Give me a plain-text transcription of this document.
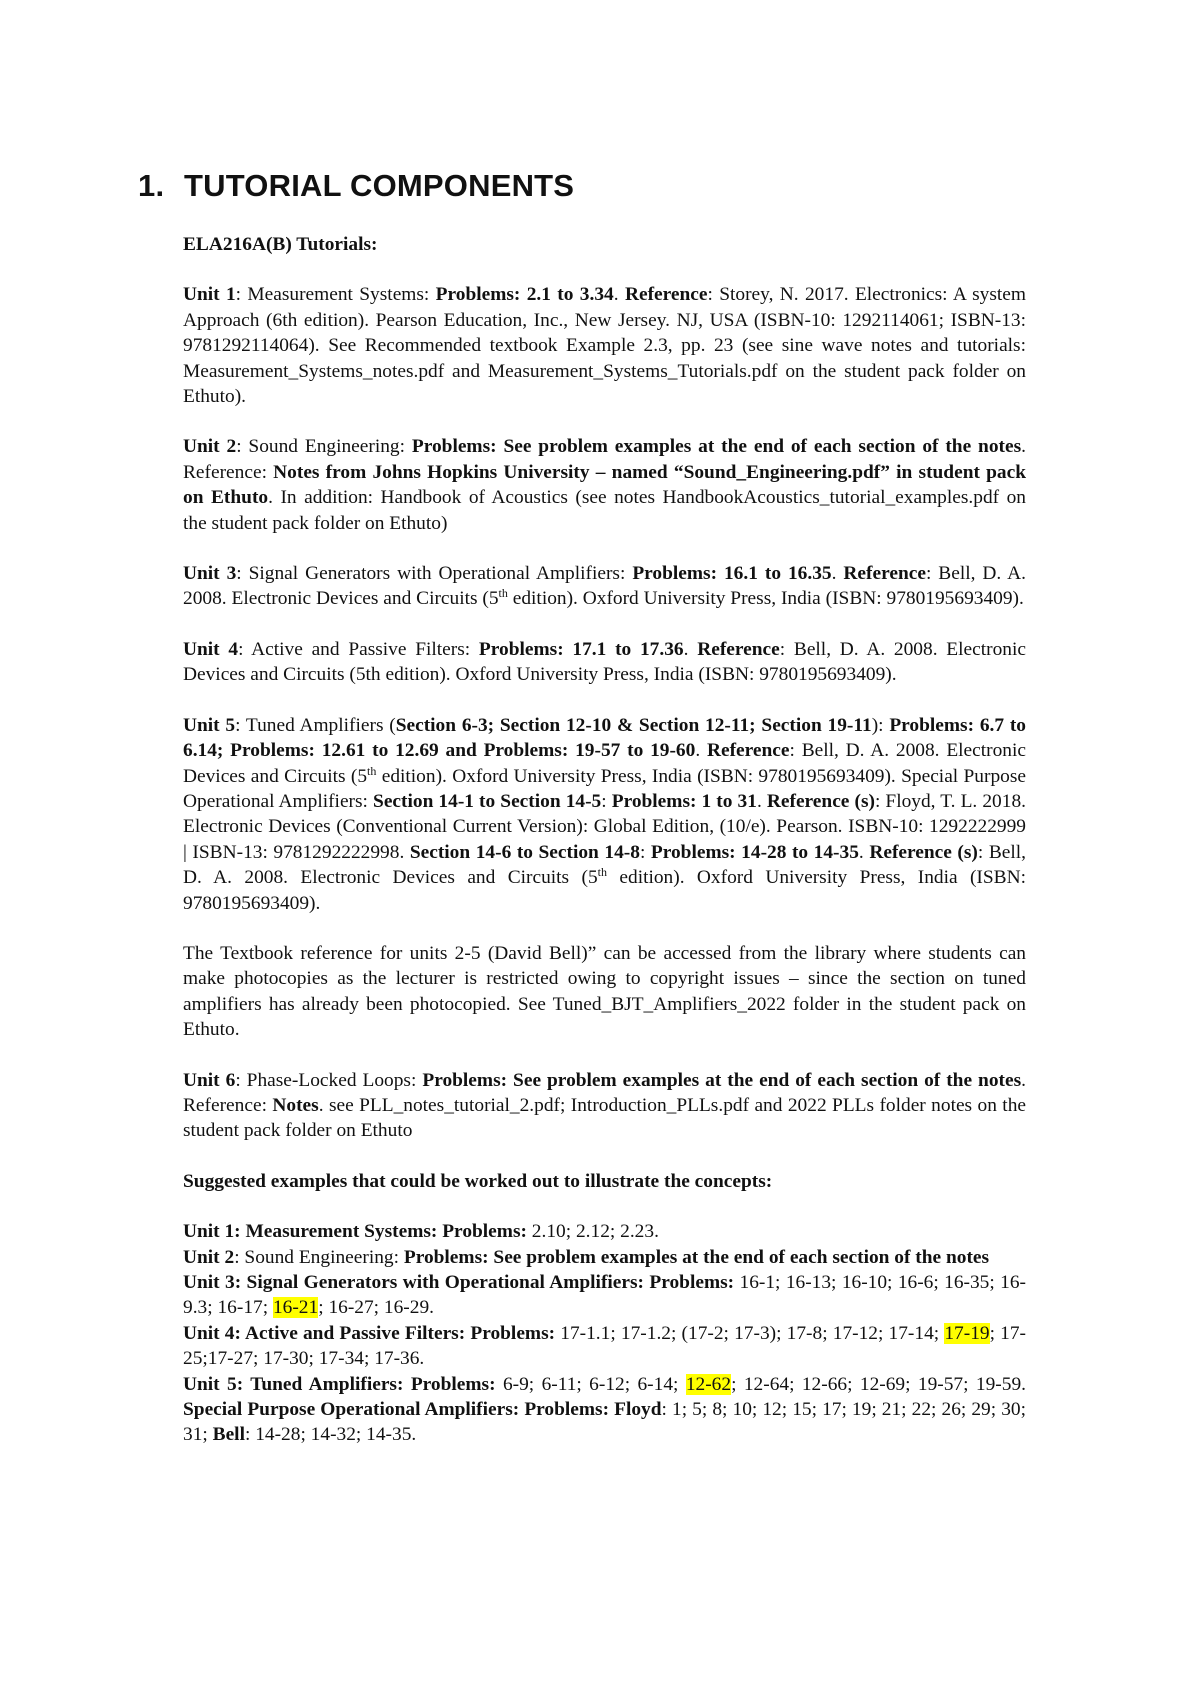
1. TUTORIAL COMPONENTS

ELA216A(B) Tutorials:

Unit 1: Measurement Systems: Problems: 2.1 to 3.34. Reference: Storey, N. 2017. Electronics: A system Approach (6th edition). Pearson Education, Inc., New Jersey. NJ, USA (ISBN-10: 1292114061; ISBN-13: 9781292114064). See Recommended textbook Example 2.3, pp. 23 (see sine wave notes and tutorials: Measurement_Systems_notes.pdf and Measurement_Systems_Tutorials.pdf on the student pack folder on Ethuto).

Unit 2: Sound Engineering: Problems: See problem examples at the end of each section of the notes. Reference: Notes from Johns Hopkins University – named “Sound_Engineering.pdf” in student pack on Ethuto. In addition: Handbook of Acoustics (see notes HandbookAcoustics_tutorial_examples.pdf on the student pack folder on Ethuto)

Unit 3: Signal Generators with Operational Amplifiers: Problems: 16.1 to 16.35. Reference: Bell, D. A. 2008. Electronic Devices and Circuits (5th edition). Oxford University Press, India (ISBN: 9780195693409).

Unit 4: Active and Passive Filters: Problems: 17.1 to 17.36. Reference: Bell, D. A. 2008. Electronic Devices and Circuits (5th edition). Oxford University Press, India (ISBN: 9780195693409).

Unit 5: Tuned Amplifiers (Section 6-3; Section 12-10 & Section 12-11; Section 19-11): Problems: 6.7 to 6.14; Problems: 12.61 to 12.69 and Problems: 19-57 to 19-60. Reference: Bell, D. A. 2008. Electronic Devices and Circuits (5th edition). Oxford University Press, India (ISBN: 9780195693409). Special Purpose Operational Amplifiers: Section 14-1 to Section 14-5: Problems: 1 to 31. Reference (s): Floyd, T. L. 2018. Electronic Devices (Conventional Current Version): Global Edition, (10/e). Pearson. ISBN-10: 1292222999 | ISBN-13: 9781292222998. Section 14-6 to Section 14-8: Problems: 14-28 to 14-35. Reference (s): Bell, D. A. 2008. Electronic Devices and Circuits (5th edition). Oxford University Press, India (ISBN: 9780195693409).

The Textbook reference for units 2-5 (David Bell)” can be accessed from the library where students can make photocopies as the lecturer is restricted owing to copyright issues – since the section on tuned amplifiers has already been photocopied. See Tuned_BJT_Amplifiers_2022 folder in the student pack on Ethuto.

Unit 6: Phase-Locked Loops: Problems: See problem examples at the end of each section of the notes. Reference: Notes. see PLL_notes_tutorial_2.pdf; Introduction_PLLs.pdf and 2022 PLLs folder notes on the student pack folder on Ethuto

Suggested examples that could be worked out to illustrate the concepts:

Unit 1: Measurement Systems: Problems: 2.10; 2.12; 2.23.

Unit 2: Sound Engineering: Problems: See problem examples at the end of each section of the notes

Unit 3: Signal Generators with Operational Amplifiers: Problems: 16-1; 16-13; 16-10; 16-6; 16-35; 16-9.3; 16-17; 16-21; 16-27; 16-29.

Unit 4: Active and Passive Filters: Problems: 17-1.1; 17-1.2; (17-2; 17-3); 17-8; 17-12; 17-14; 17-19; 17-25;17-27; 17-30; 17-34; 17-36.

Unit 5: Tuned Amplifiers: Problems: 6-9; 6-11; 6-12; 6-14; 12-62; 12-64; 12-66; 12-69; 19-57; 19-59. Special Purpose Operational Amplifiers: Problems: Floyd: 1; 5; 8; 10; 12; 15; 17; 19; 21; 22; 26; 29; 30; 31; Bell: 14-28; 14-32; 14-35.
